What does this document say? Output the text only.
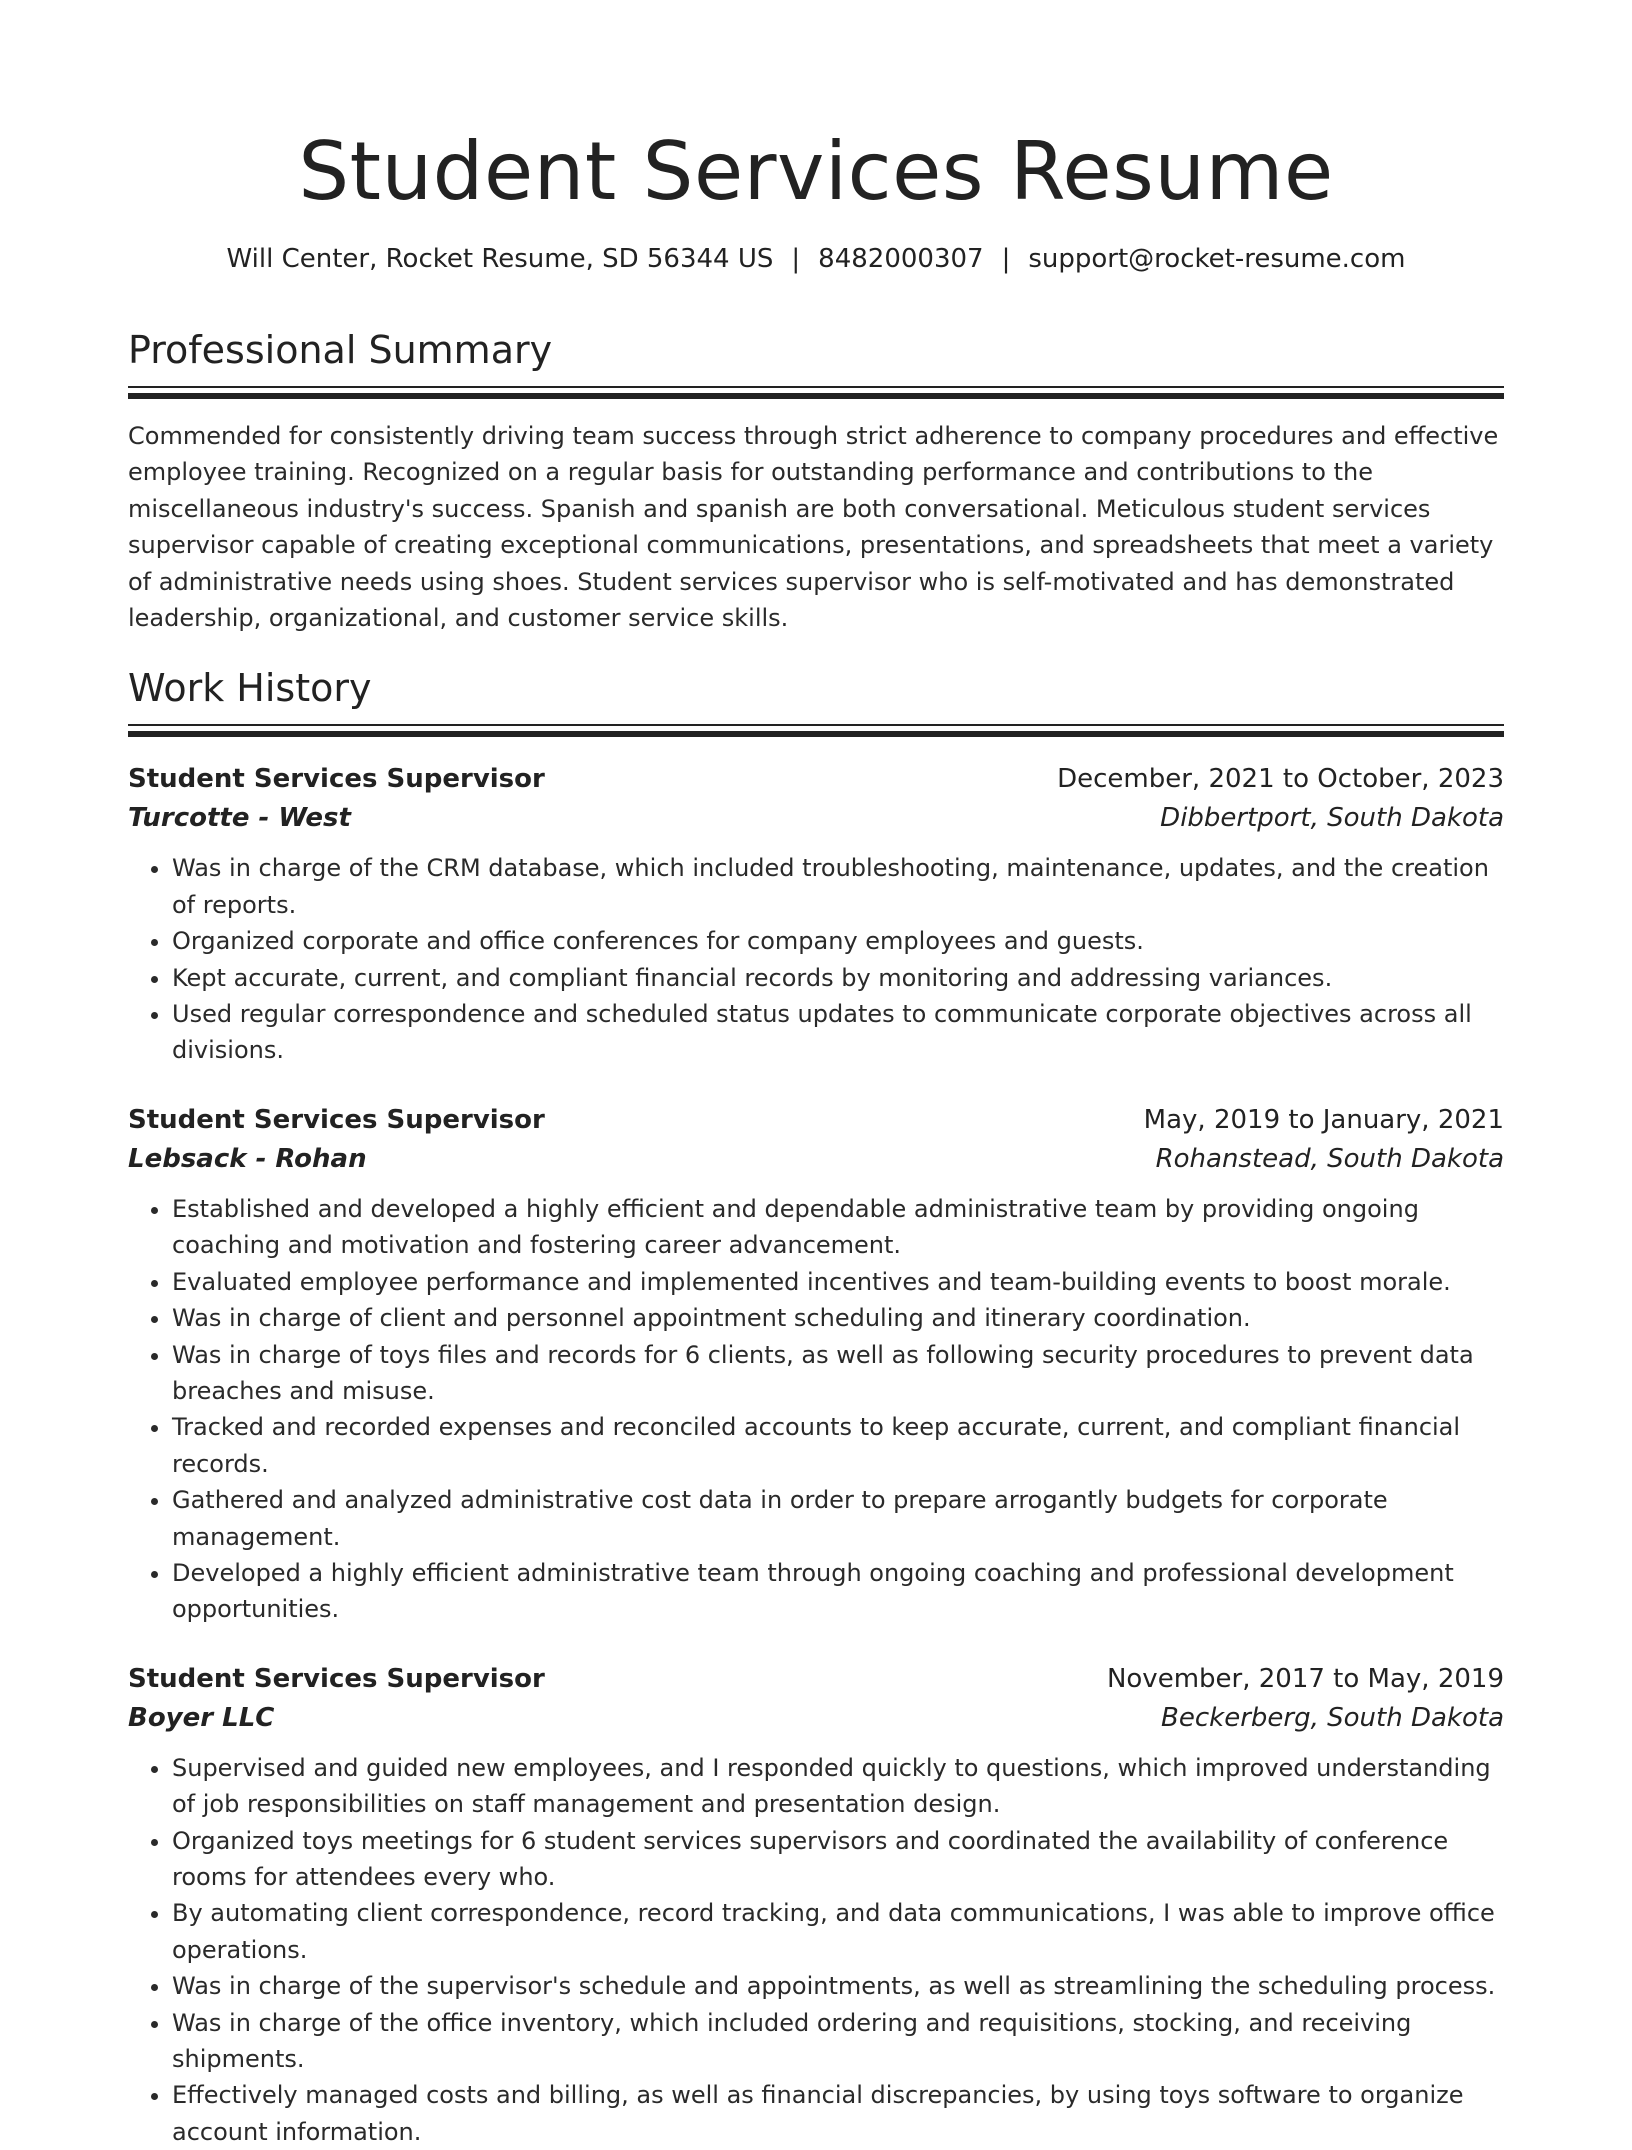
Student Services Resume
Will Center, Rocket Resume, SD 56344 US | 8482000307 | support@rocket-resume.com
Professional Summary

Commended for consistently driving team success through strict adherence to company procedures and effective employee training. Recognized on a regular basis for outstanding performance and contributions to the miscellaneous industry's success. Spanish and spanish are both conversational. Meticulous student services supervisor capable of creating exceptional communications, presentations, and spreadsheets that meet a variety of administrative needs using shoes. Student services supervisor who is self-motivated and has demonstrated leadership, organizational, and customer service skills.

Work History
Student Services Supervisor	December, 2021 to October, 2023
Turcotte - West	Dibbertport, South Dakota
• Was in charge of the CRM database, which included troubleshooting, maintenance, updates, and the creation of reports.
• Organized corporate and office conferences for company employees and guests.
• Kept accurate, current, and compliant financial records by monitoring and addressing variances.
• Used regular correspondence and scheduled status updates to communicate corporate objectives across all divisions.
Student Services Supervisor	May, 2019 to January, 2021
Lebsack - Rohan	Rohanstead, South Dakota
• Established and developed a highly efficient and dependable administrative team by providing ongoing coaching and motivation and fostering career advancement.
• Evaluated employee performance and implemented incentives and team-building events to boost morale.
• Was in charge of client and personnel appointment scheduling and itinerary coordination.
• Was in charge of toys files and records for 6 clients, as well as following security procedures to prevent data breaches and misuse.
• Tracked and recorded expenses and reconciled accounts to keep accurate, current, and compliant financial records.
• Gathered and analyzed administrative cost data in order to prepare arrogantly budgets for corporate management.
• Developed a highly efficient administrative team through ongoing coaching and professional development opportunities.
Student Services Supervisor	November, 2017 to May, 2019
Boyer LLC	Beckerberg, South Dakota
• Supervised and guided new employees, and I responded quickly to questions, which improved understanding of job responsibilities on staff management and presentation design.
• Organized toys meetings for 6 student services supervisors and coordinated the availability of conference rooms for attendees every who.
• By automating client correspondence, record tracking, and data communications, I was able to improve office operations.
• Was in charge of the supervisor's schedule and appointments, as well as streamlining the scheduling process.
• Was in charge of the office inventory, which included ordering and requisitions, stocking, and receiving shipments.
• Effectively managed costs and billing, as well as financial discrepancies, by using toys software to organize account information.
